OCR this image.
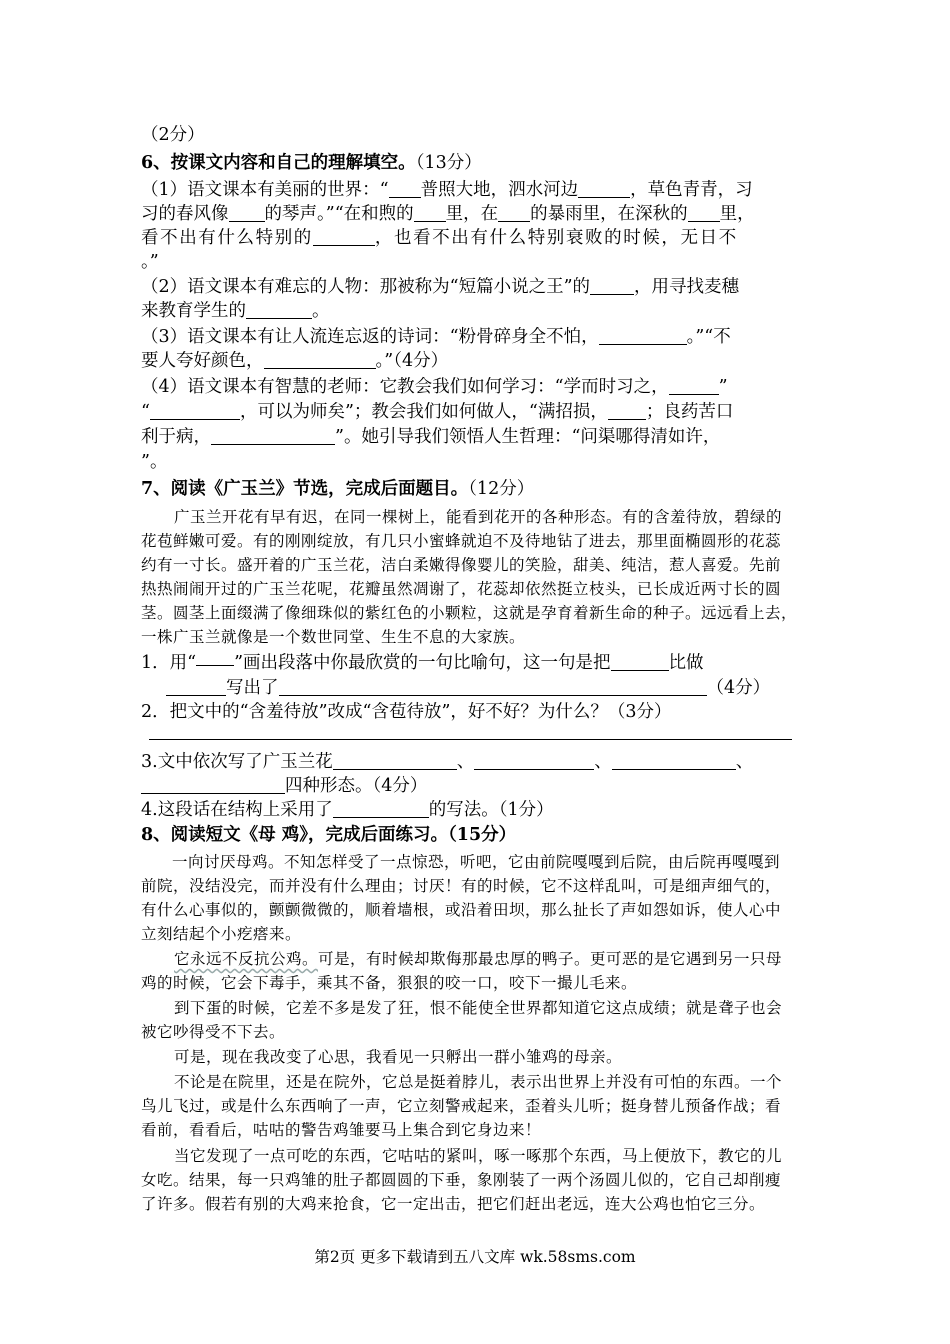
（2分）
6、按课文内容和自己的理解填空。（13分）
（1）语文课本有美丽的世界：“ 普照大地，泗水河边	，草色青青，习
习的春风像 的琴声。”“在和煦的 里，在 的暴雨里，在深秋的 里，
看不出有什么特别的	，也看不出有什么特别衰败的时候，无日不
。”
（2）语文课本有难忘的人物：那被称为“短篇小说之王”的	，用寻找麦穗
来教育学生的	。
（3）语文课本有让人流连忘返的诗词：“粉骨碎身全不怕，	。”“不
要人夸好颜色，	。”（4分）
（4）语文课本有智慧的老师：它教会我们如何学习：“学而时习之，	”
“	，可以为师矣”；教会我们如何做人，“满招损， ；良药苦口
利于病，	”。她引导我们领悟人生哲理：“问渠哪得清如许，
”。
7、阅读《广玉兰》节选，完成后面题目。（12分）
广玉兰开花有早有迟，在同一棵树上，能看到花开的各种形态。有的含羞待放，碧绿的
花苞鲜嫩可爱。有的刚刚绽放，有几只小蜜蜂就迫不及待地钻了进去，那里面椭圆形的花蕊
约有一寸长。盛开着的广玉兰花，洁白柔嫩得像婴儿的笑脸，甜美、纯洁，惹人喜爱。先前
热热闹闹开过的广玉兰花呢，花瓣虽然凋谢了，花蕊却依然挺立枝头，已长成近两寸长的圆
茎。圆茎上面缀满了像细珠似的紫红色的小颗粒，这就是孕育着新生命的种子。远远看上去，
一株广玉兰就像是一个数世同堂、生生不息的大家族。
1．用“ ”画出段落中你最欣赏的一句比喻句，这一句是把	比做
写出了	（4分）
2．把文中的“含羞待放”改成“含苞待放”，好不好？为什么？（3分）
3.文中依次写了广玉兰花	、	、	、
四种形态。（4分）
4.这段话在结构上采用了	的写法。（1分）
8、阅读短文《母 鸡》，完成后面练习。（15分）
一向讨厌母鸡。不知怎样受了一点惊恐，听吧，它由前院嘎嘎到后院，由后院再嘎嘎到
前院，没结没完，而并没有什么理由；讨厌！有的时候，它不这样乱叫，可是细声细气的，
有什么心事似的，颤颤微微的，顺着墙根，或沿着田坝，那么扯长了声如怨如诉，使人心中
立刻结起个小疙瘩来。
它永远不反抗公鸡。可是，有时候却欺侮那最忠厚的鸭子。更可恶的是它遇到另一只母
鸡的时候，它会下毒手，乘其不备，狠狠的咬一口，咬下一撮儿毛来。
到下蛋的时候，它差不多是发了狂，恨不能使全世界都知道它这点成绩；就是聋子也会
被它吵得受不下去。
可是，现在我改变了心思，我看见一只孵出一群小雏鸡的母亲。
不论是在院里，还是在院外，它总是挺着脖儿，表示出世界上并没有可怕的东西。一个
鸟儿飞过，或是什么东西响了一声，它立刻警戒起来，歪着头儿听；挺身替儿预备作战；看
看前，看看后，咕咕的警告鸡雏要马上集合到它身边来！
当它发现了一点可吃的东西，它咕咕的紧叫，啄一啄那个东西，马上便放下，教它的儿
女吃。结果，每一只鸡雏的肚子都圆圆的下垂，象刚装了一两个汤圆儿似的，它自己却削瘦
了许多。假若有别的大鸡来抢食，它一定出击，把它们赶出老远，连大公鸡也怕它三分。
第2页 更多下载请到五八文库 wk.58sms.com
